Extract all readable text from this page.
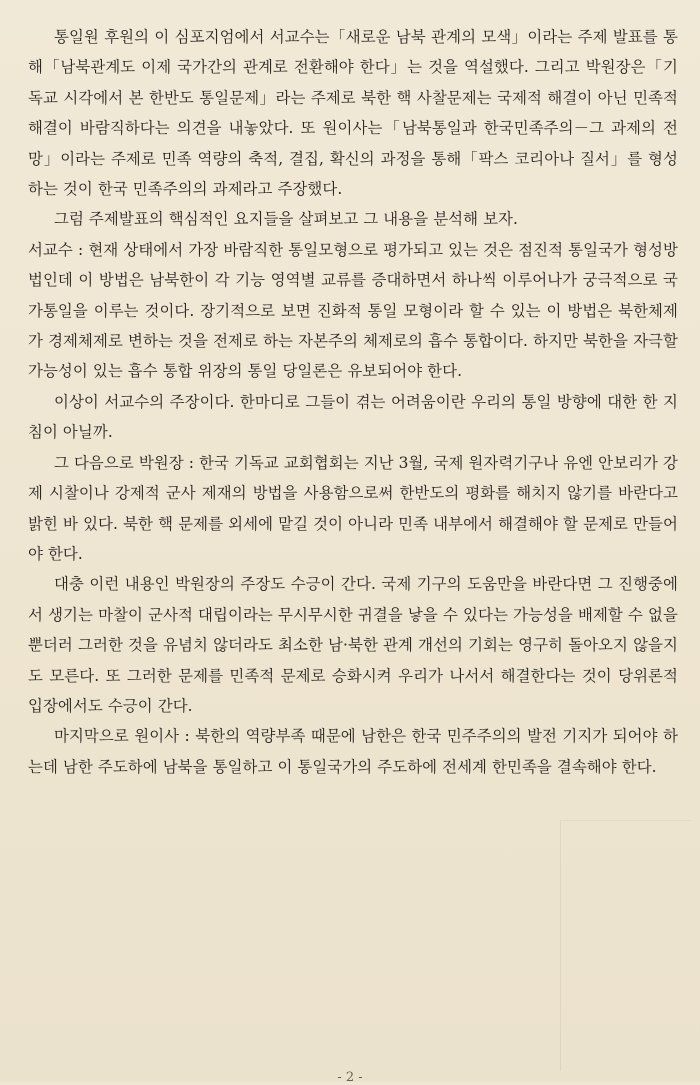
통일원 후원의 이 심포지엄에서 서교수는「새로운 남북 관계의 모색」이라는 주제 발표를 통해「남북관계도 이제 국가간의 관계로 전환해야 한다」는 것을 역설했다. 그리고 박원장은「기독교 시각에서 본 한반도 통일문제」라는 주제로 북한 핵 사찰문제는 국제적 해결이 아닌 민족적 해결이 바람직하다는 의견을 내놓았다. 또 원이사는「남북통일과 한국민족주의－그 과제의 전망」이라는 주제로 민족 역량의 축적, 결집, 확신의 과정을 통해「팍스 코리아나 질서」를 형성하는 것이 한국 민족주의의 과제라고 주장했다.

그럼 주제발표의 핵심적인 요지들을 살펴보고 그 내용을 분석해 보자.

서교수 : 현재 상태에서 가장 바람직한 통일모형으로 평가되고 있는 것은 점진적 통일국가 형성방법인데 이 방법은 남북한이 각 기능 영역별 교류를 증대하면서 하나씩 이루어나가 궁극적으로 국가통일을 이루는 것이다. 장기적으로 보면 진화적 통일 모형이라 할 수 있는 이 방법은 북한체제가 경제체제로 변하는 것을 전제로 하는 자본주의 체제로의 흡수 통합이다. 하지만 북한을 자극할 가능성이 있는 흡수 통합 위장의 통일 당일론은 유보되어야 한다.

이상이 서교수의 주장이다. 한마디로 그들이 겪는 어려움이란 우리의 통일 방향에 대한 한 지침이 아닐까.

그 다음으로 박원장 : 한국 기독교 교회협회는 지난 3월, 국제 원자력기구나 유엔 안보리가 강제 시찰이나 강제적 군사 제재의 방법을 사용함으로써 한반도의 평화를 해치지 않기를 바란다고 밝힌 바 있다. 북한 핵 문제를 외세에 맡길 것이 아니라 민족 내부에서 해결해야 할 문제로 만들어야 한다.

대충 이런 내용인 박원장의 주장도 수긍이 간다. 국제 기구의 도움만을 바란다면 그 진행중에서 생기는 마찰이 군사적 대립이라는 무시무시한 귀결을 낳을 수 있다는 가능성을 배제할 수 없을 뿐더러 그러한 것을 유념치 않더라도 최소한 남·북한 관계 개선의 기회는 영구히 돌아오지 않을지도 모른다. 또 그러한 문제를 민족적 문제로 승화시켜 우리가 나서서 해결한다는 것이 당위론적 입장에서도 수긍이 간다.

마지막으로 원이사 : 북한의 역량부족 때문에 남한은 한국 민주주의의 발전 기지가 되어야 하는데 남한 주도하에 남북을 통일하고 이 통일국가의 주도하에 전세계 한민족을 결속해야 한다.

- 2 -
